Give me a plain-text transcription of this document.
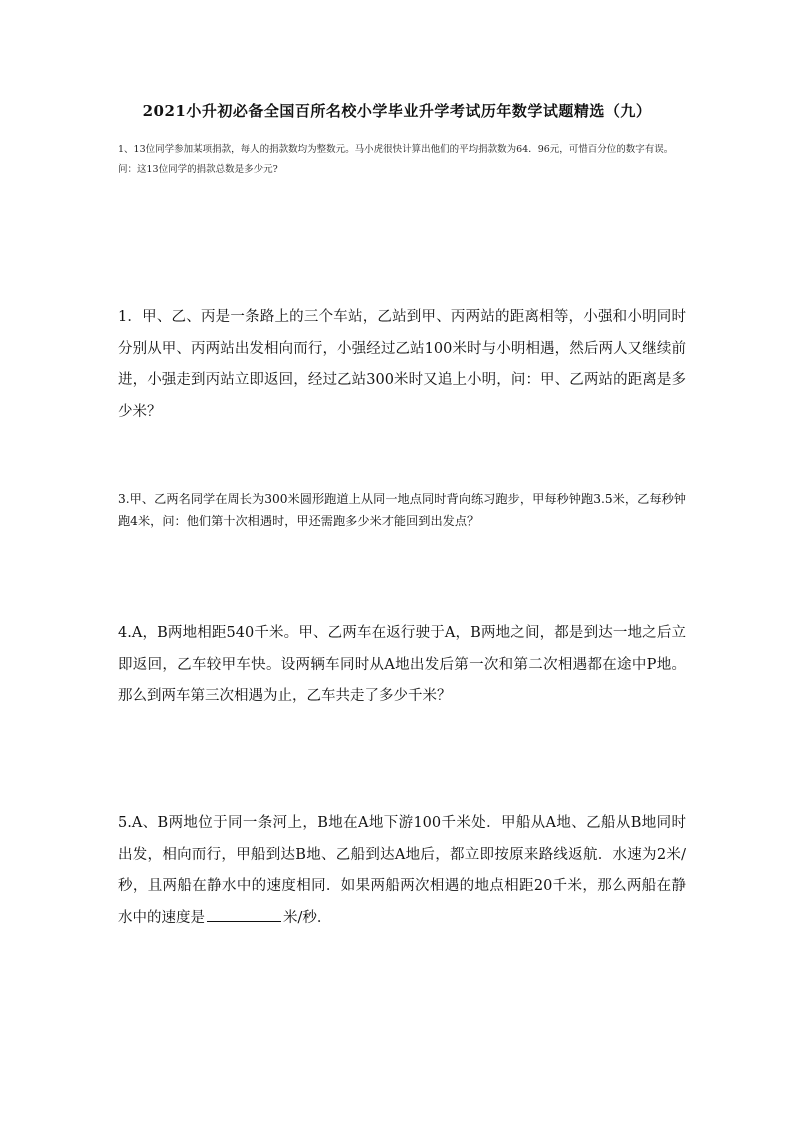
2021小升初必备全国百所名校小学毕业升学考试历年数学试题精选（九）
1、13位同学参加某项捐款，每人的捐款数均为整数元。马小虎很快计算出他们的平均捐款数为64．96元，可惜百分位的数字有误。问：这13位同学的捐款总数是多少元?
1．甲、乙、丙是一条路上的三个车站，乙站到甲、丙两站的距离相等，小强和小明同时分别从甲、丙两站出发相向而行，小强经过乙站100米时与小明相遇，然后两人又继续前进，小强走到丙站立即返回，经过乙站300米时又追上小明，问：甲、乙两站的距离是多少米？
3.甲、乙两名同学在周长为300米圆形跑道上从同一地点同时背向练习跑步，甲每秒钟跑3.5米，乙每秒钟跑4米，问：他们第十次相遇时，甲还需跑多少米才能回到出发点？
4.A，B两地相距540千米。甲、乙两车在返行驶于A，B两地之间，都是到达一地之后立即返回，乙车较甲车快。设两辆车同时从A地出发后第一次和第二次相遇都在途中P地。那么到两车第三次相遇为止，乙车共走了多少千米？
5.A、B两地位于同一条河上，B地在A地下游100千米处．甲船从A地、乙船从B地同时出发，相向而行，甲船到达B地、乙船到达A地后，都立即按原来路线返航．水速为2米/秒，且两船在静水中的速度相同．如果两船两次相遇的地点相距20千米，那么两船在静水中的速度是	米/秒．
